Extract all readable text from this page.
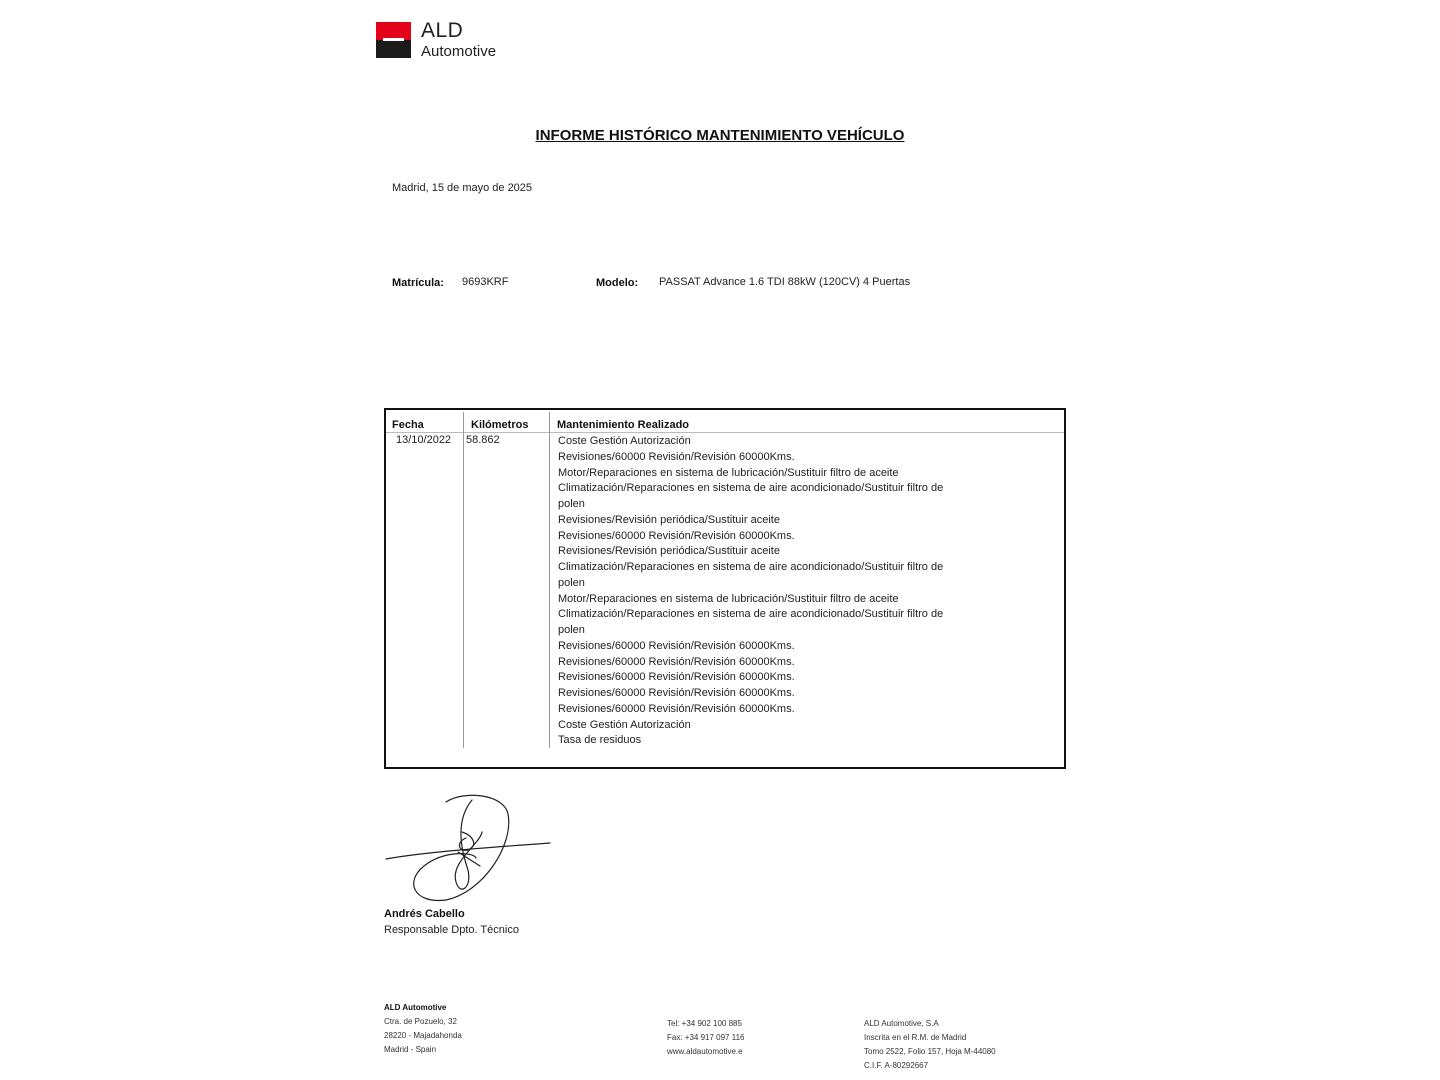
ALD
Automotive
INFORME HISTÓRICO MANTENIMIENTO VEHÍCULO
Madrid, 15 de mayo de 2025
Matrícula: 9693KRF	Modelo: PASSAT Advance 1.6 TDI 88kW (120CV) 4 Puertas
Fecha	Kilómetros	Mantenimiento Realizado
13/10/2022 58.862	Coste Gestión Autorización
Revisiones/60000 Revisión/Revisión 60000Kms.
Motor/Reparaciones en sistema de lubricación/Sustituir filtro de aceite
Climatización/Reparaciones en sistema de aire acondicionado/Sustituir filtro de
polen
Revisiones/Revisión periódica/Sustituir aceite
Revisiones/60000 Revisión/Revisión 60000Kms.
Revisiones/Revisión periódica/Sustituir aceite
Climatización/Reparaciones en sistema de aire acondicionado/Sustituir filtro de
polen
Motor/Reparaciones en sistema de lubricación/Sustituir filtro de aceite
Climatización/Reparaciones en sistema de aire acondicionado/Sustituir filtro de
polen
Revisiones/60000 Revisión/Revisión 60000Kms.
Revisiones/60000 Revisión/Revisión 60000Kms.
Revisiones/60000 Revisión/Revisión 60000Kms.
Revisiones/60000 Revisión/Revisión 60000Kms.
Revisiones/60000 Revisión/Revisión 60000Kms.
Coste Gestión Autorización
Tasa de residuos
Andrés Cabello
Responsable Dpto. Técnico
ALD Automotive
Ctra. de Pozuelo, 32
28220 - Majadahonda
Madrid - Spain
Tel: +34 902 100 885
Fax: +34 917 097 116
www.aldautomotive.e
ALD Automotive, S.A
Inscrita en el R.M. de Madrid
Tomo 2522, Folio 157, Hoja M-44080
C.I.F. A-80292667
